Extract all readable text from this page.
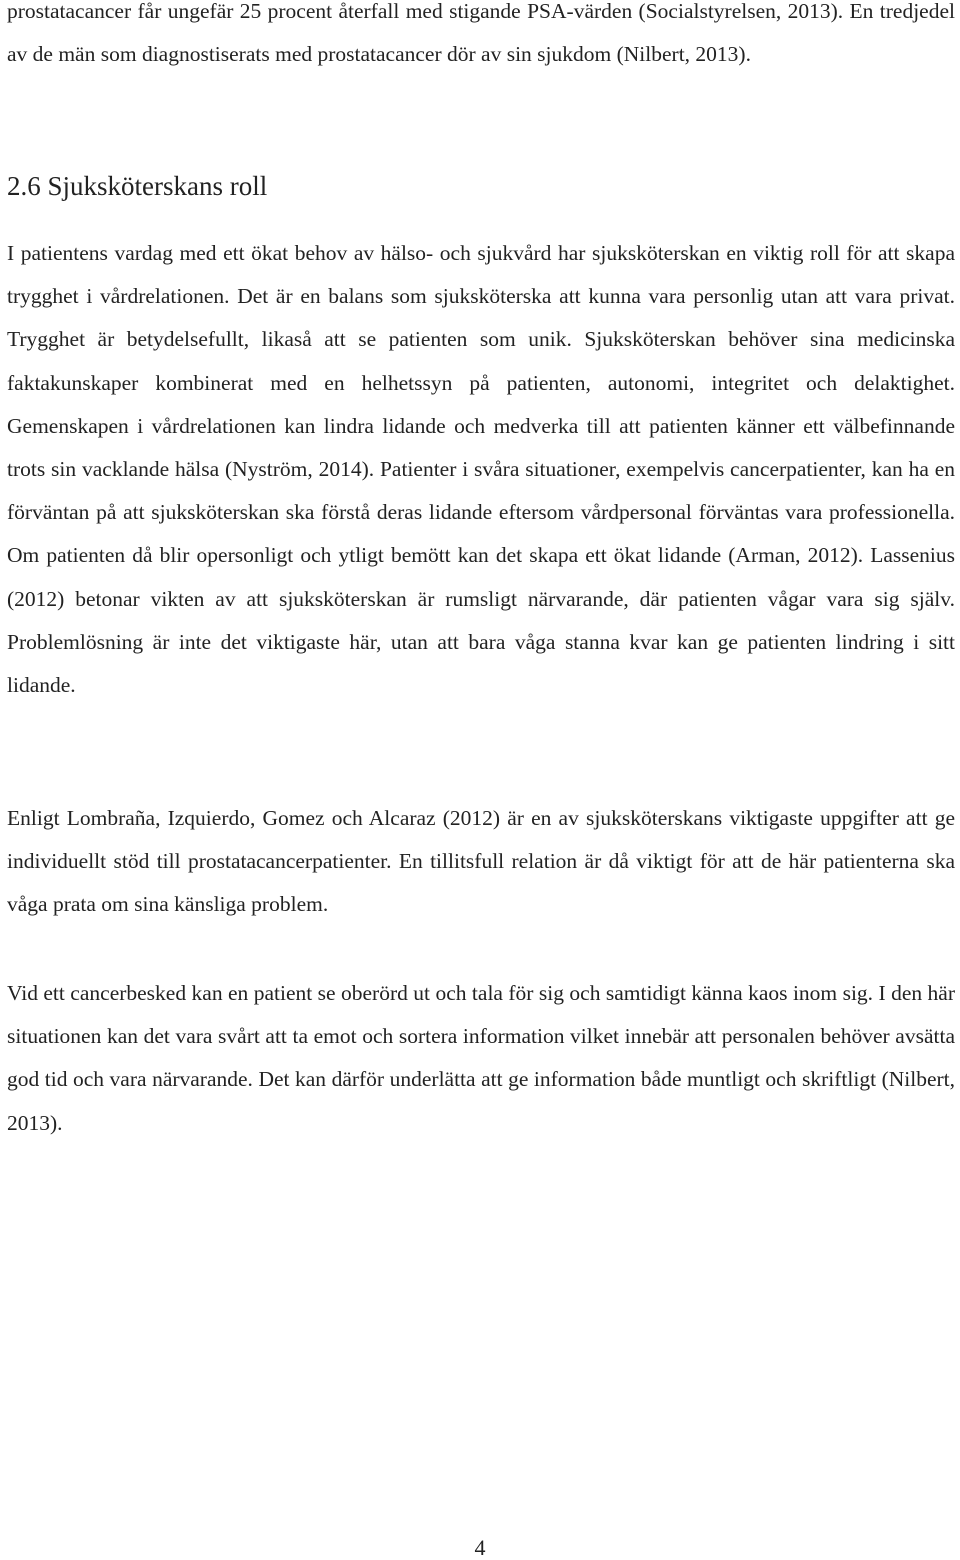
prostatacancer får ungefär 25 procent återfall med stigande PSA-värden (Socialstyrelsen, 2013). En tredjedel av de män som diagnostiserats med prostatacancer dör av sin sjukdom (Nilbert, 2013).

2.6 Sjuksköterskans roll

I patientens vardag med ett ökat behov av hälso- och sjukvård har sjuksköterskan en viktig roll för att skapa trygghet i vårdrelationen. Det är en balans som sjuksköterska att kunna vara personlig utan att vara privat. Trygghet är betydelsefullt, likaså att se patienten som unik. Sjuksköterskan behöver sina medicinska faktakunskaper kombinerat med en helhetssyn på patienten, autonomi, integritet och delaktighet. Gemenskapen i vårdrelationen kan lindra lidande och medverka till att patienten känner ett välbefinnande trots sin vacklande hälsa (Nyström, 2014). Patienter i svåra situationer, exempelvis cancerpatienter, kan ha en förväntan på att sjuksköterskan ska förstå deras lidande eftersom vårdpersonal förväntas vara professionella. Om patienten då blir opersonligt och ytligt bemött kan det skapa ett ökat lidande (Arman, 2012). Lassenius (2012) betonar vikten av att sjuksköterskan är rumsligt närvarande, där patienten vågar vara sig själv. Problemlösning är inte det viktigaste här, utan att bara våga stanna kvar kan ge patienten lindring i sitt lidande.

Enligt Lombraña, Izquierdo, Gomez och Alcaraz (2012) är en av sjuksköterskans viktigaste uppgifter att ge individuellt stöd till prostatacancerpatienter. En tillitsfull relation är då viktigt för att de här patienterna ska våga prata om sina känsliga problem.

Vid ett cancerbesked kan en patient se oberörd ut och tala för sig och samtidigt känna kaos inom sig. I den här situationen kan det vara svårt att ta emot och sortera information vilket innebär att personalen behöver avsätta god tid och vara närvarande. Det kan därför underlätta att ge information både muntligt och skriftligt (Nilbert, 2013).

4
